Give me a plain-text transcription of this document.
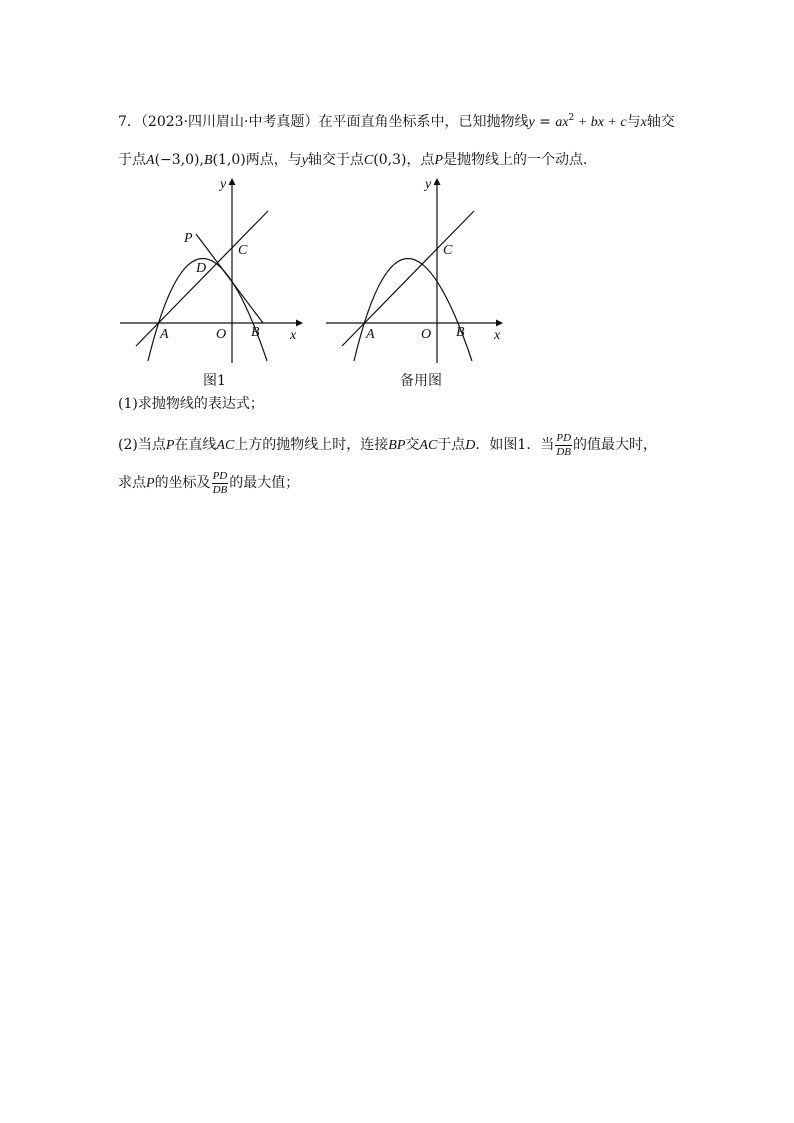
7．（2023·四川眉山·中考真题）在平面直角坐标系中，已知抛物线$y = ax^2$ + bx + c与x轴交
于点A(−3,0),B(1,0)两点，与y轴交于点C(0,3)，点P是抛物线上的一个动点．
y
x
O
A	B
C
D
P
y
x
O
A	B
C
图1	备用图
(1)求抛物线的表达式；
(2)当点P在直线AC上方的抛物线上时，连接BP交AC于点D．如图1．当 $\frac{PD}{DB}$ 的值最大时，
求点P的坐标及 $\frac{PD}{DB}$ 的最大值；
